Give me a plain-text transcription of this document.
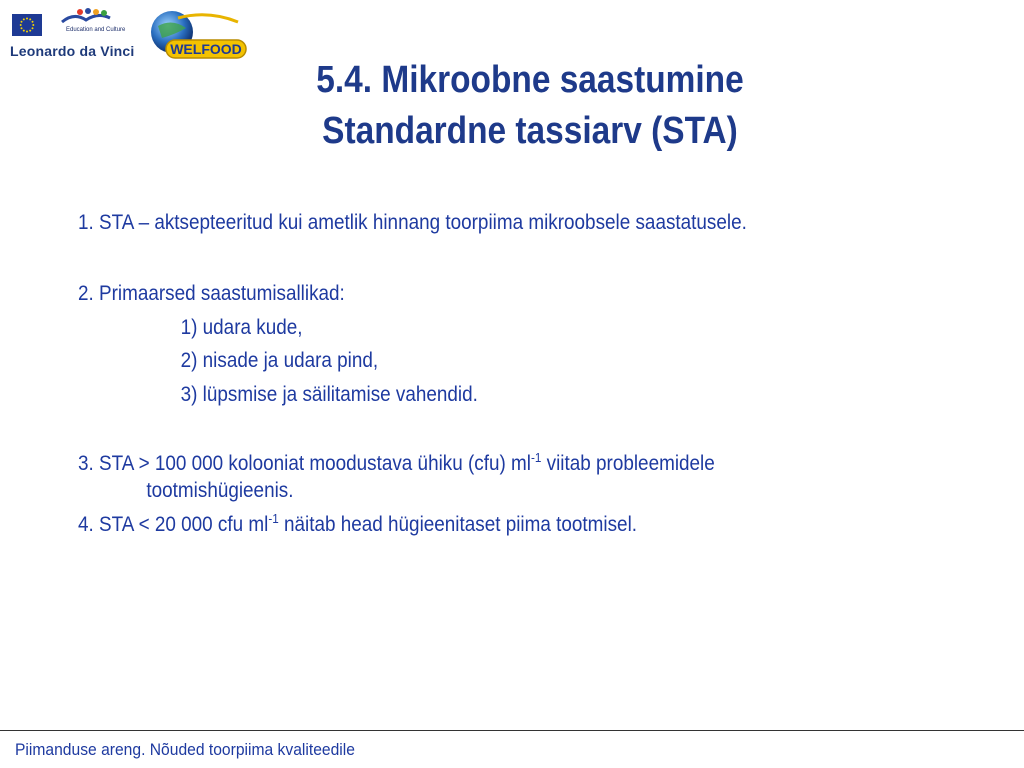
Education and Culture
Leonardo da Vinci	WELFOOD
5.4. Mikroobne saastumine
Standardne tassiarv (STA)
1. STA – aktsepteeritud kui ametlik hinnang toorpiima mikroobsele saastatusele.
2. Primaarsed saastumisallikad:
1) udara kude,
2) nisade ja udara pind,
3) lüpsmise ja säilitamise vahendid.
3. STA > 100 000 kolooniat moodustava ühiku (cfu) $ml^{-1}$ viitab probleemidele
tootmishügieenis.
4. STA < 20 000 cfu $ml^{-1}$ näitab head hügieenitaset piima tootmisel.
Piimanduse areng. Nõuded toorpiima kvaliteedile
